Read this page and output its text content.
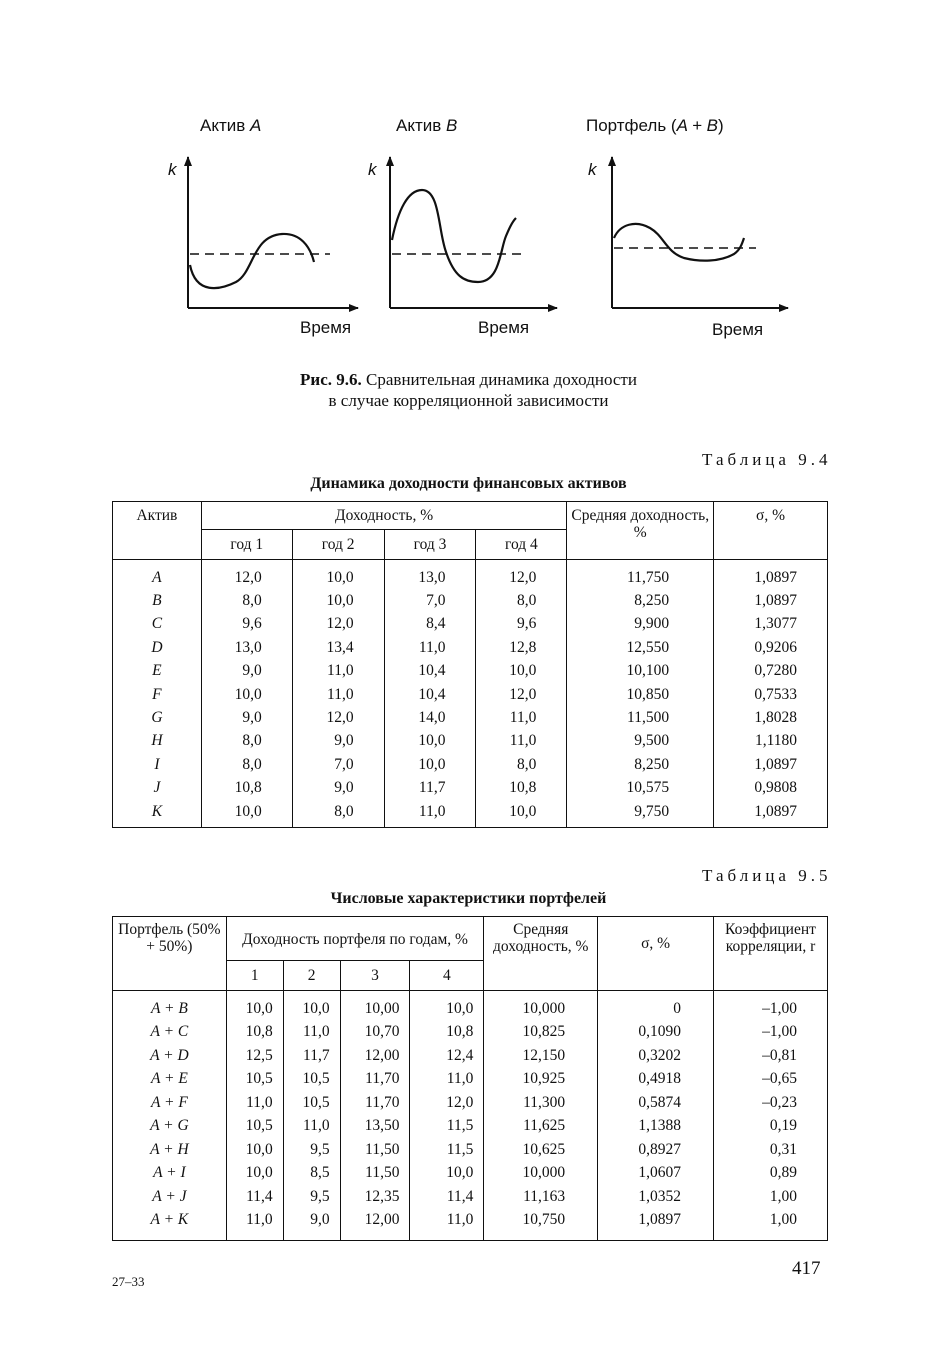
Актив A	Актив B	Портфель (A + B)
k	k	k
Время	Время	Время
Рис. 9.6. Сравнительная динамика доходности
в случае корреляционной зависимости
Таблица 9.4
Динамика доходности финансовых активов
Актив	Доходность, %				Средняя доходность, %	σ, %
	год 1	год 2	год 3	год 4		
A	12,0	10,0	13,0	12,0	11,750	1,0897
B	8,0	10,0	7,0	8,0	8,250	1,0897
C	9,6	12,0	8,4	9,6	9,900	1,3077
D	13,0	13,4	11,0	12,8	12,550	0,9206
E	9,0	11,0	10,4	10,0	10,100	0,7280
F	10,0	11,0	10,4	12,0	10,850	0,7533
G	9,0	12,0	14,0	11,0	11,500	1,8028
H	8,0	9,0	10,0	11,0	9,500	1,1180
I	8,0	7,0	10,0	8,0	8,250	1,0897
J	10,8	9,0	11,7	10,8	10,575	0,9808
K	10,0	8,0	11,0	10,0	9,750	1,0897
Таблица 9.5
Числовые характеристики портфелей
Портфель (50% + 50%)	Доходность портфеля по годам, %				Средняя доходность, %	σ, %	Коэффициент корреляции, r
	1	2	3	4			
A + B	10,0	10,0	10,00	10,0	10,000	0	–1,00
A + C	10,8	11,0	10,70	10,8	10,825	0,1090	–1,00
A + D	12,5	11,7	12,00	12,4	12,150	0,3202	–0,81
A + E	10,5	10,5	11,70	11,0	10,925	0,4918	–0,65
A + F	11,0	10,5	11,70	12,0	11,300	0,5874	–0,23
A + G	10,5	11,0	13,50	11,5	11,625	1,1388	0,19
A + H	10,0	9,5	11,50	11,5	10,625	0,8927	0,31
A + I	10,0	8,5	11,50	10,0	10,000	1,0607	0,89
A + J	11,4	9,5	12,35	11,4	11,163	1,0352	1,00
A + K	11,0	9,0	12,00	11,0	10,750	1,0897	1,00
417
27–33
